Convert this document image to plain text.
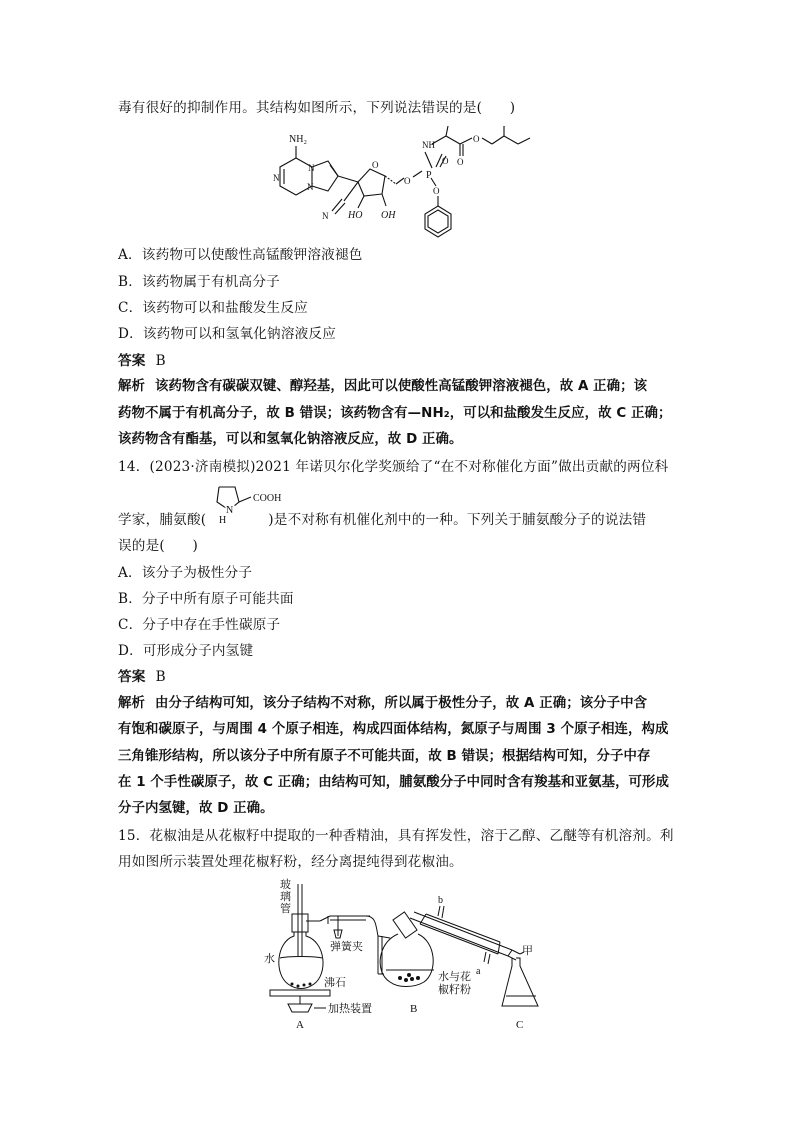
毒有很好的抑制作用。其结构如图所示，下列说法错误的是(　　)
NH₂
N
N
N
O
N HO OH
O
NH
P
O
O
O
O
A．该药物可以使酸性高锰酸钾溶液褪色
B．该药物属于有机高分子
C．该药物可以和盐酸发生反应
D．该药物可以和氢氧化钠溶液反应
答案 B
解析 该药物含有碳碳双键、醇羟基，因此可以使酸性高锰酸钾溶液褪色，故 A 正确；该
药物不属于有机高分子，故 B 错误；该药物含有—NH₂，可以和盐酸发生反应，故 C 正确；
该药物含有酯基，可以和氢氧化钠溶液反应，故 D 正确。
14．(2023·济南模拟)2021 年诺贝尔化学奖颁给了“在不对称催化方面”做出贡献的两位科
COOH
N
H
学家，脯氨酸(	)是不对称有机催化剂中的一种。下列关于脯氨酸分子的说法错
误的是(　　)
A．该分子为极性分子
B．分子中所有原子可能共面
C．分子中存在手性碳原子
D．可形成分子内氢键
答案 B
解析 由分子结构可知，该分子结构不对称，所以属于极性分子，故 A 正确；该分子中含
有饱和碳原子，与周围 4 个原子相连，构成四面体结构，氮原子与周围 3 个原子相连，构成
三角锥形结构，所以该分子中所有原子不可能共面，故 B 错误；根据结构可知，分子中存
在 1 个手性碳原子，故 C 正确；由结构可知，脯氨酸分子中同时含有羧基和亚氨基，可形成
分子内氢键，故 D 正确。
15．花椒油是从花椒籽中提取的一种香精油，具有挥发性，溶于乙醇、乙醚等有机溶剂。利
用如图所示装置处理花椒籽粉，经分离提纯得到花椒油。
玻
璃
管
弹簧夹
水
沸石
加热装置
水与花
椒籽粉
b
a
甲
A
B
C
